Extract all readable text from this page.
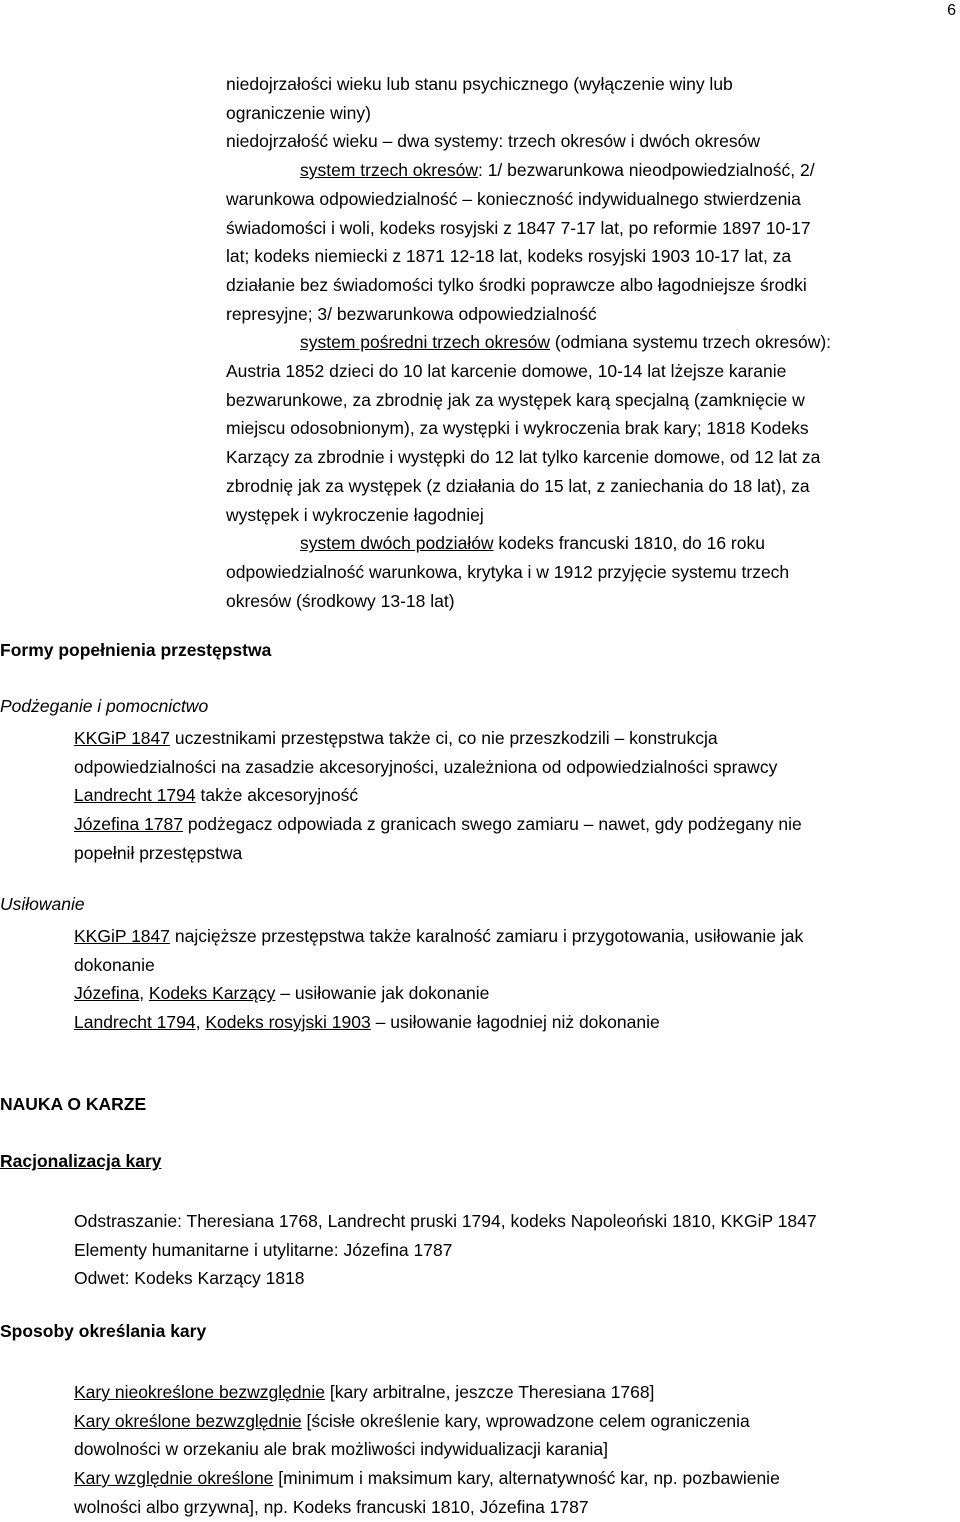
6

niedojrzałości wieku lub stanu psychicznego (wyłączenie winy lub

ograniczenie winy)

niedojrzałość wieku – dwa systemy: trzech okresów i dwóch okresów

system trzech okresów: 1/ bezwarunkowa nieodpowiedzialność, 2/

warunkowa odpowiedzialność – konieczność indywidualnego stwierdzenia

świadomości i woli, kodeks rosyjski z 1847 7-17 lat, po reformie 1897 10-17

lat; kodeks niemiecki z 1871 12-18 lat, kodeks rosyjski 1903 10-17 lat, za

działanie bez świadomości tylko środki poprawcze albo łagodniejsze środki

represyjne; 3/ bezwarunkowa odpowiedzialność

system pośredni trzech okresów (odmiana systemu trzech okresów):

Austria 1852 dzieci do 10 lat karcenie domowe, 10-14 lat lżejsze karanie

bezwarunkowe, za zbrodnię jak za występek karą specjalną (zamknięcie w

miejscu odosobnionym), za występki i wykroczenia brak kary; 1818 Kodeks

Karzący za zbrodnie i występki do 12 lat tylko karcenie domowe, od 12 lat za

zbrodnię jak za występek (z działania do 15 lat, z zaniechania do 18 lat), za

występek i wykroczenie łagodniej

system dwóch podziałów kodeks francuski 1810, do 16 roku

odpowiedzialność warunkowa, krytyka i w 1912 przyjęcie systemu trzech

okresów (środkowy 13-18 lat)

Formy popełnienia przestępstwa
Podżeganie i pomocnictwo

KKGiP 1847 uczestnikami przestępstwa także ci, co nie przeszkodzili – konstrukcja

odpowiedzialności na zasadzie akcesoryjności, uzależniona od odpowiedzialności sprawcy

Landrecht 1794 także akcesoryjność

Józefina 1787 podżegacz odpowiada z granicach swego zamiaru – nawet, gdy podżegany nie

popełnił przestępstwa

Usiłowanie

KKGiP 1847 najcięższe przestępstwa także karalność zamiaru i przygotowania, usiłowanie jak

dokonanie

Józefina, Kodeks Karzący – usiłowanie jak dokonanie

Landrecht 1794, Kodeks rosyjski 1903 – usiłowanie łagodniej niż dokonanie

NAUKA O KARZE
Racjonalizacja kary

Odstraszanie: Theresiana 1768, Landrecht pruski 1794, kodeks Napoleoński 1810, KKGiP 1847

Elementy humanitarne i utylitarne: Józefina 1787

Odwet: Kodeks Karzący 1818

Sposoby określania kary

Kary nieokreślone bezwzględnie [kary arbitralne, jeszcze Theresiana 1768]

Kary określone bezwzględnie [ścisłe określenie kary, wprowadzone celem ograniczenia

dowolności w orzekaniu ale brak możliwości indywidualizacji karania]

Kary względnie określone [minimum i maksimum kary, alternatywność kar, np. pozbawienie

wolności albo grzywna], np. Kodeks francuski 1810, Józefina 1787
